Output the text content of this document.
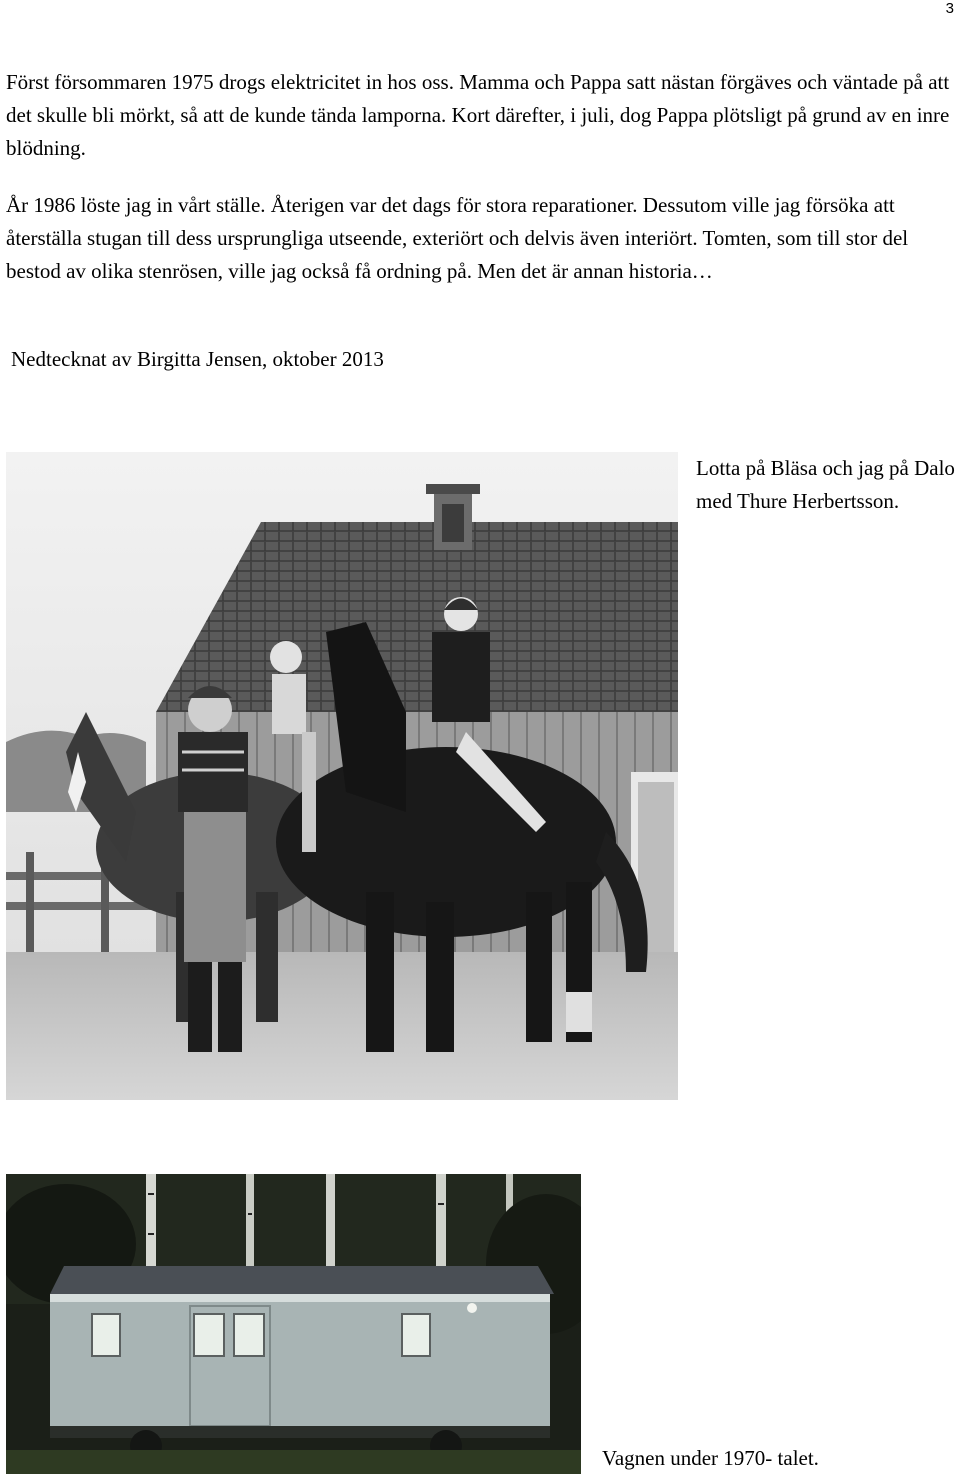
3

Först försommaren 1975 drogs elektricitet in hos oss. Mamma och Pappa satt nästan förgäves och väntade på att det skulle bli mörkt, så att de kunde tända lamporna. Kort därefter, i juli, dog Pappa plötsligt på grund av en inre blödning.

År 1986 löste jag in vårt ställe. Återigen var det dags för stora reparationer. Dessutom ville jag försöka att återställa stugan till dess ursprungliga utseende, exteriört och delvis även interiört. Tomten, som till stor del bestod av olika stenrösen, ville jag också få ordning på. Men det är annan historia…

Nedtecknat av Birgitta Jensen, oktober 2013
Lotta på Bläsa och jag på Dalo med Thure Herbertsson.
Vagnen under 1970- talet.
